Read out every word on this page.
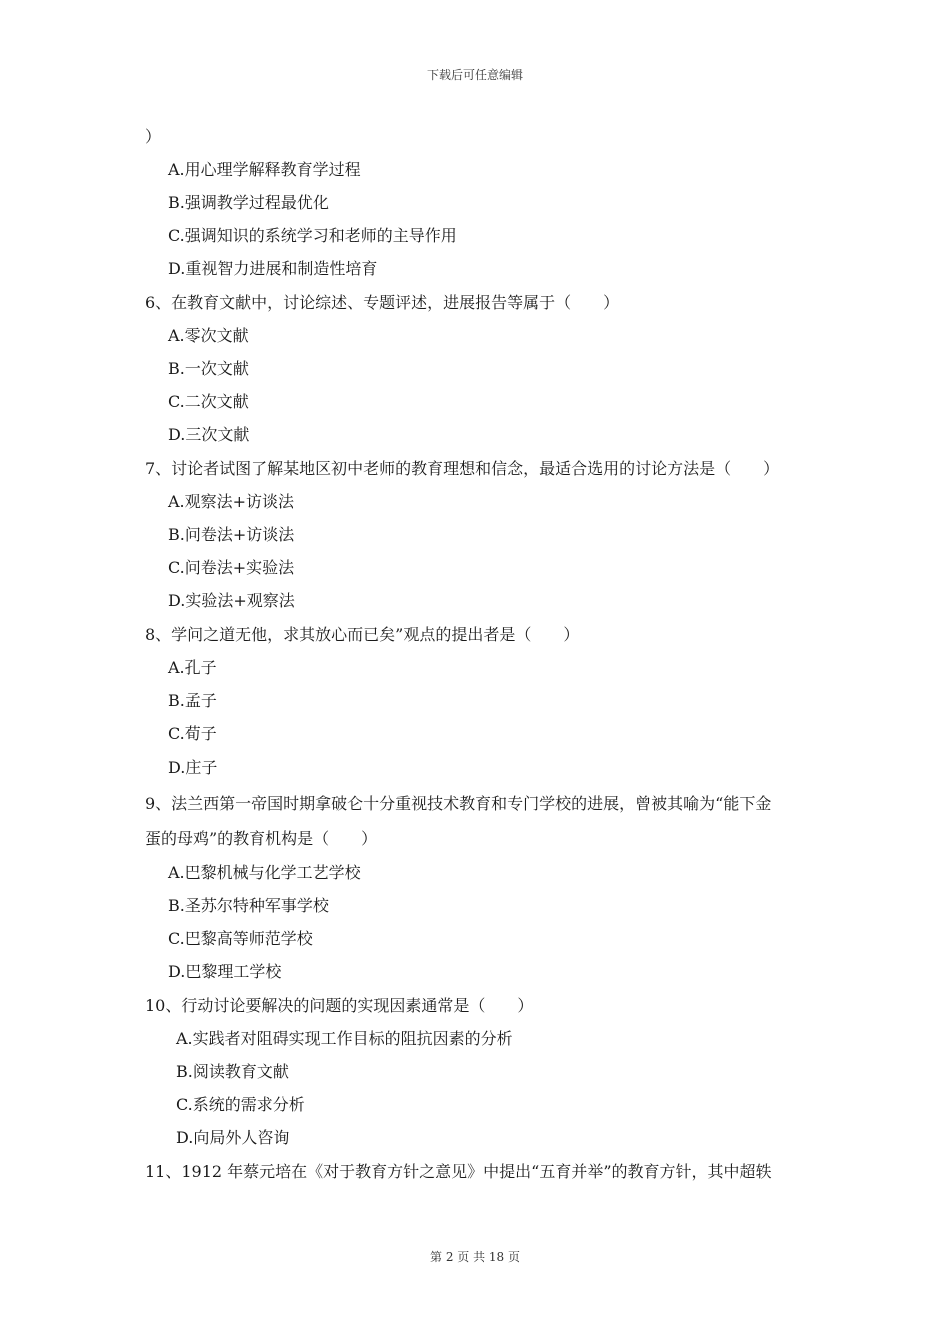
下载后可任意编辑
）
A.用心理学解释教育学过程
B.强调教学过程最优化
C.强调知识的系统学习和老师的主导作用
D.重视智力进展和制造性培育
6、在教育文献中，讨论综述、专题评述，进展报告等属于（　　）
A.零次文献
B.一次文献
C.二次文献
D.三次文献
7、讨论者试图了解某地区初中老师的教育理想和信念，最适合选用的讨论方法是（　　）
A.观察法+访谈法
B.问卷法+访谈法
C.问卷法+实验法
D.实验法+观察法
8、学问之道无他，求其放心而已矣”观点的提出者是（　　）
A.孔子
B.孟子
C.荀子
D.庄子
9、法兰西第一帝国时期拿破仑十分重视技术教育和专门学校的进展，曾被其喻为“能下金
蛋的母鸡”的教育机构是（　　）
A.巴黎机械与化学工艺学校
B.圣苏尔特种军事学校
C.巴黎高等师范学校
D.巴黎理工学校
10、行动讨论要解决的问题的实现因素通常是（　　）
A.实践者对阻碍实现工作目标的阻抗因素的分析
B.阅读教育文献
C.系统的需求分析
D.向局外人咨询
11、1912 年蔡元培在《对于教育方针之意见》中提出“五育并举”的教育方针，其中超轶
第 2 页 共 18 页
